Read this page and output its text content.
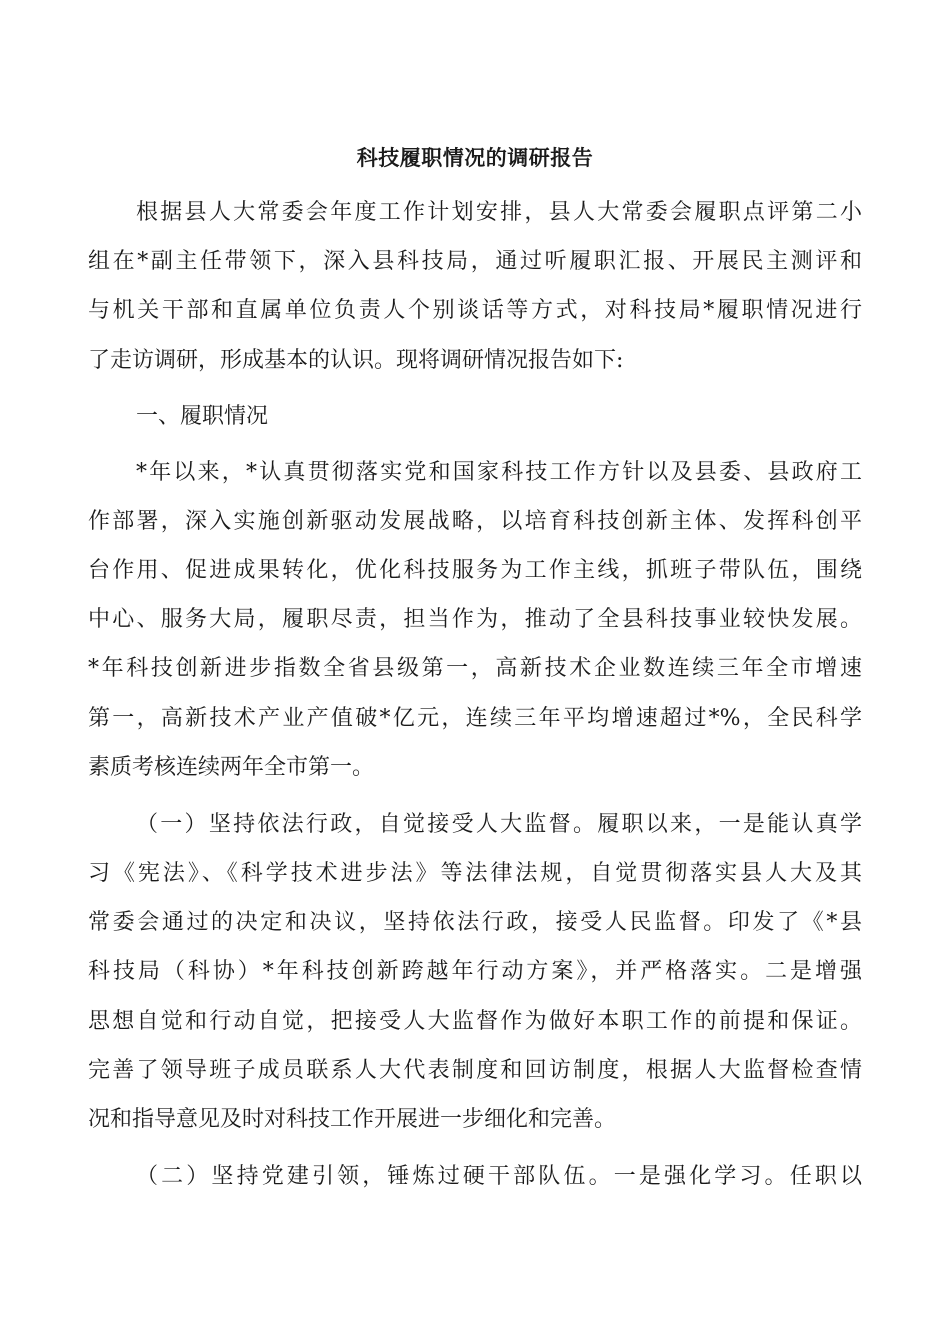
科技履职情况的调研报告

根据县人大常委会年度工作计划安排，县人大常委会履职点评第二小

组在*副主任带领下，深入县科技局，通过听履职汇报、开展民主测评和

与机关干部和直属单位负责人个别谈话等方式，对科技局*履职情况进行

了走访调研，形成基本的认识。现将调研情况报告如下:

一、履职情况

*年以来，*认真贯彻落实党和国家科技工作方针以及县委、县政府工

作部署，深入实施创新驱动发展战略，以培育科技创新主体、发挥科创平

台作用、促进成果转化，优化科技服务为工作主线，抓班子带队伍，围绕

中心、服务大局，履职尽责，担当作为，推动了全县科技事业较快发展。

*年科技创新进步指数全省县级第一，高新技术企业数连续三年全市增速

第一，高新技术产业产值破*亿元，连续三年平均增速超过*%，全民科学

素质考核连续两年全市第一。

（一）坚持依法行政，自觉接受人大监督。履职以来，一是能认真学

习《宪法》、《科学技术进步法》等法律法规，自觉贯彻落实县人大及其

常委会通过的决定和决议，坚持依法行政，接受人民监督。印发了《*县

科技局（科协）*年科技创新跨越年行动方案》，并严格落实。二是增强

思想自觉和行动自觉，把接受人大监督作为做好本职工作的前提和保证。

完善了领导班子成员联系人大代表制度和回访制度，根据人大监督检查情

况和指导意见及时对科技工作开展进一步细化和完善。

（二）坚持党建引领，锤炼过硬干部队伍。一是强化学习。任职以
